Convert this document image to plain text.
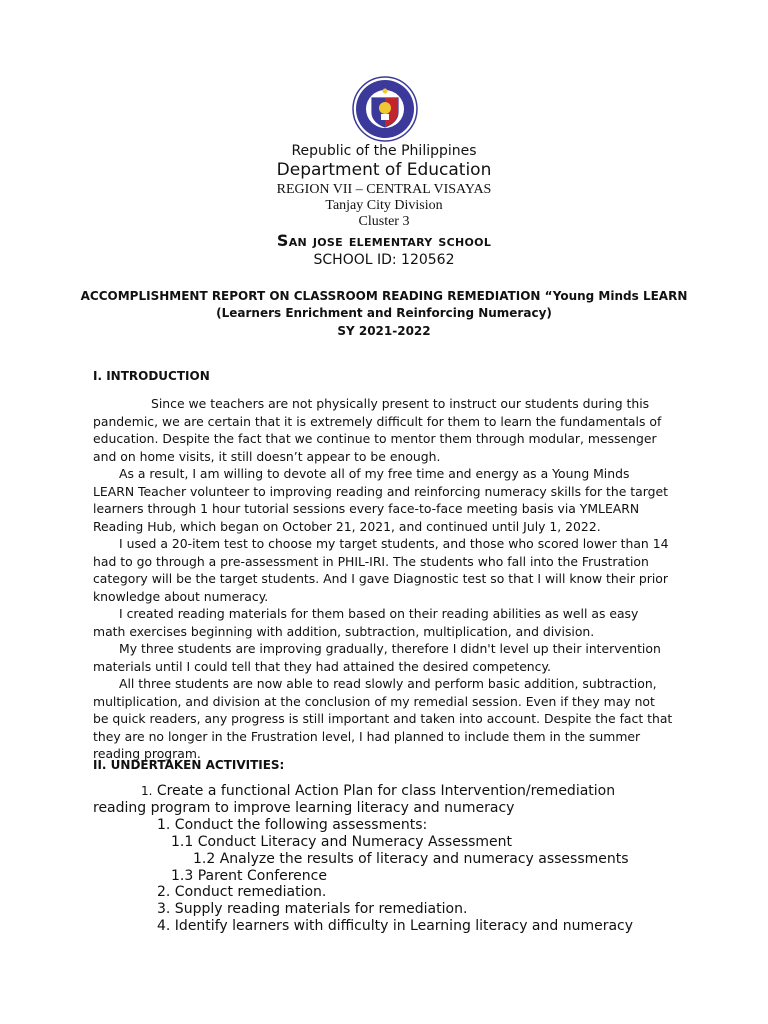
Republic of the Philippines
Department of Education
REGION VII – CENTRAL VISAYAS
Tanjay City Division
Cluster 3
San jose elementary school
SCHOOL ID: 120562
ACCOMPLISHMENT REPORT ON CLASSROOM READING REMEDIATION “Young Minds LEARN
(Learners Enrichment and Reinforcing Numeracy)
SY 2021-2022
I. INTRODUCTION

Since we teachers are not physically present to instruct our students during this pandemic, we are certain that it is extremely difficult for them to learn the fundamentals of education. Despite the fact that we continue to mentor them through modular, messenger and on home visits, it still doesn’t appear to be enough.

As a result, I am willing to devote all of my free time and energy as a Young Minds LEARN Teacher volunteer to improving reading and reinforcing numeracy skills for the target learners through 1 hour tutorial sessions every face-to-face meeting basis via YMLEARN Reading Hub, which began on October 21, 2021, and continued until July 1, 2022.

I used a 20-item test to choose my target students, and those who scored lower than 14 had to go through a pre-assessment in PHIL-IRI. The students who fall into the Frustration category will be the target students. And I gave Diagnostic test so that I will know their prior knowledge about numeracy.

I created reading materials for them based on their reading abilities as well as easy math exercises beginning with addition, subtraction, multiplication, and division.

My three students are improving gradually, therefore I didn't level up their intervention materials until I could tell that they had attained the desired competency.

All three students are now able to read slowly and perform basic addition, subtraction, multiplication, and division at the conclusion of my remedial session. Even if they may not be quick readers, any progress is still important and taken into account. Despite the fact that they are no longer in the Frustration level, I had planned to include them in the summer reading program.

II. UNDERTAKEN ACTIVITIES:
1. Create a functional Action Plan for class Intervention/remediation
reading program to improve learning literacy and numeracy
1. Conduct the following assessments:
1.1 Conduct Literacy and Numeracy Assessment
1.2 Analyze the results of literacy and numeracy assessments
1.3 Parent Conference
2. Conduct remediation.
3. Supply reading materials for remediation.
4. Identify learners with difficulty in Learning literacy and numeracy
